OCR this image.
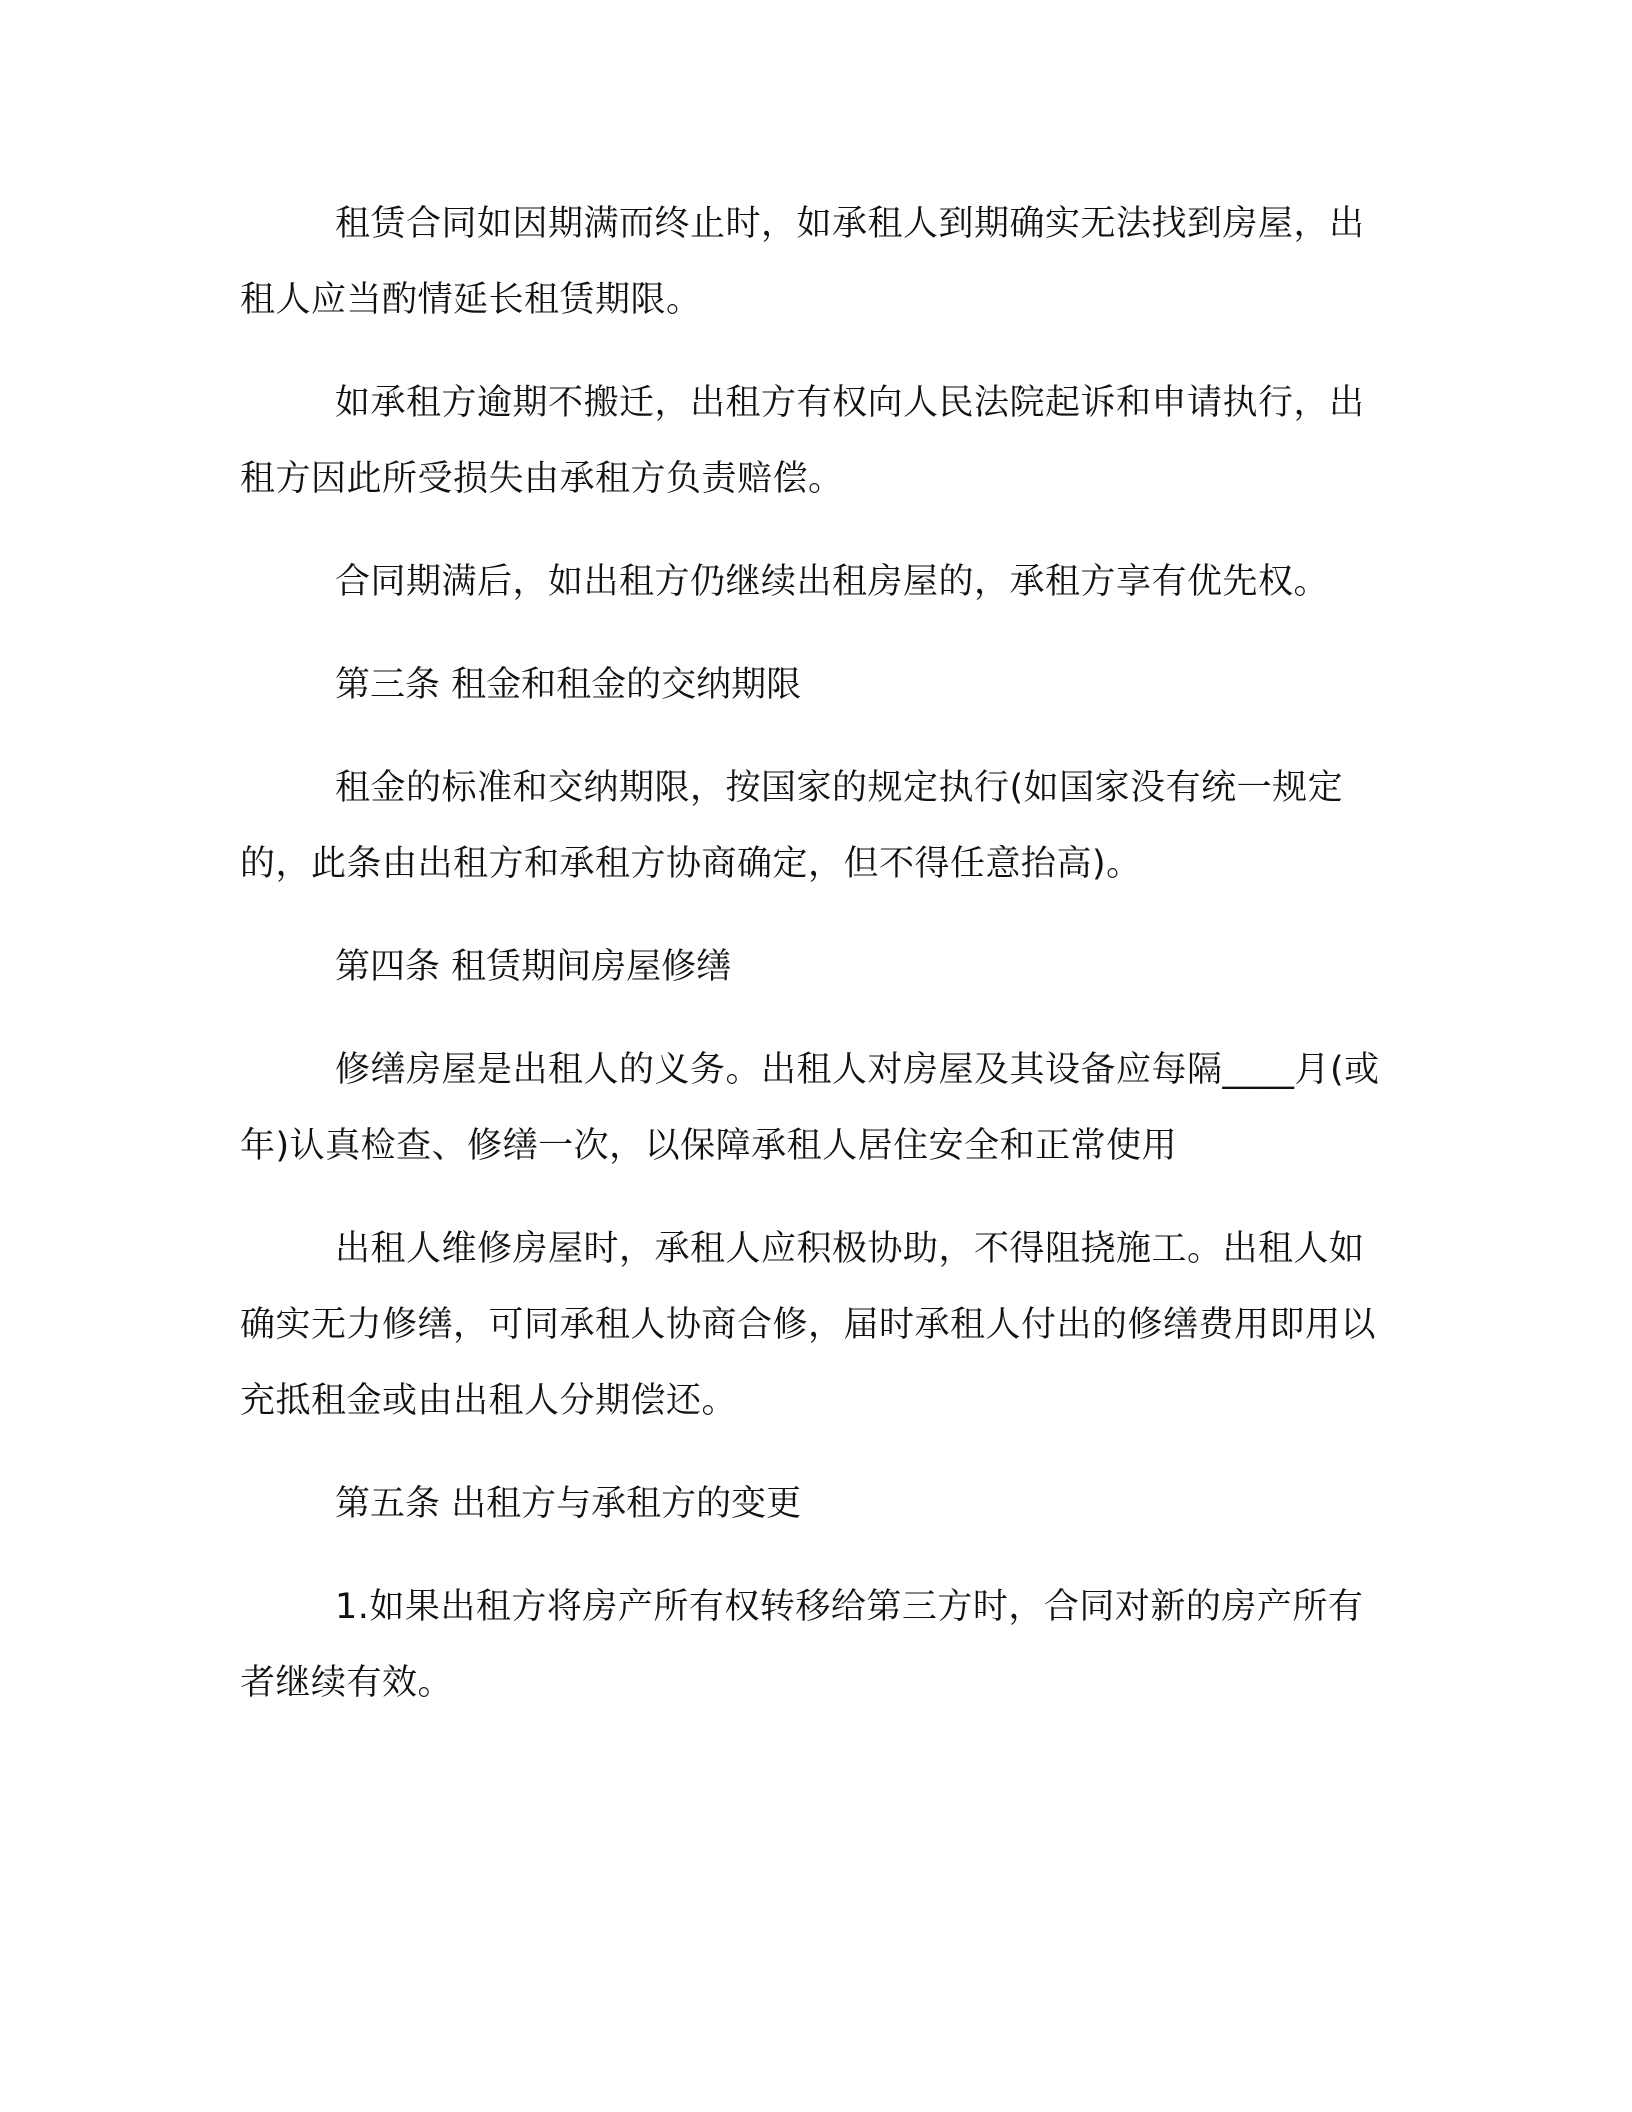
租赁合同如因期满而终止时，如承租人到期确实无法找到房屋，出租人应当酌情延长租赁期限。

如承租方逾期不搬迁，出租方有权向人民法院起诉和申请执行，出租方因此所受损失由承租方负责赔偿。

合同期满后，如出租方仍继续出租房屋的，承租方享有优先权。

第三条 租金和租金的交纳期限

租金的标准和交纳期限，按国家的规定执行(如国家没有统一规定的，此条由出租方和承租方协商确定，但不得任意抬高)。

第四条 租赁期间房屋修缮

修缮房屋是出租人的义务。出租人对房屋及其设备应每隔____月(或年)认真检查、修缮一次，以保障承租人居住安全和正常使用

出租人维修房屋时，承租人应积极协助，不得阻挠施工。出租人如确实无力修缮，可同承租人协商合修，届时承租人付出的修缮费用即用以充抵租金或由出租人分期偿还。

第五条 出租方与承租方的变更

1.如果出租方将房产所有权转移给第三方时，合同对新的房产所有者继续有效。
